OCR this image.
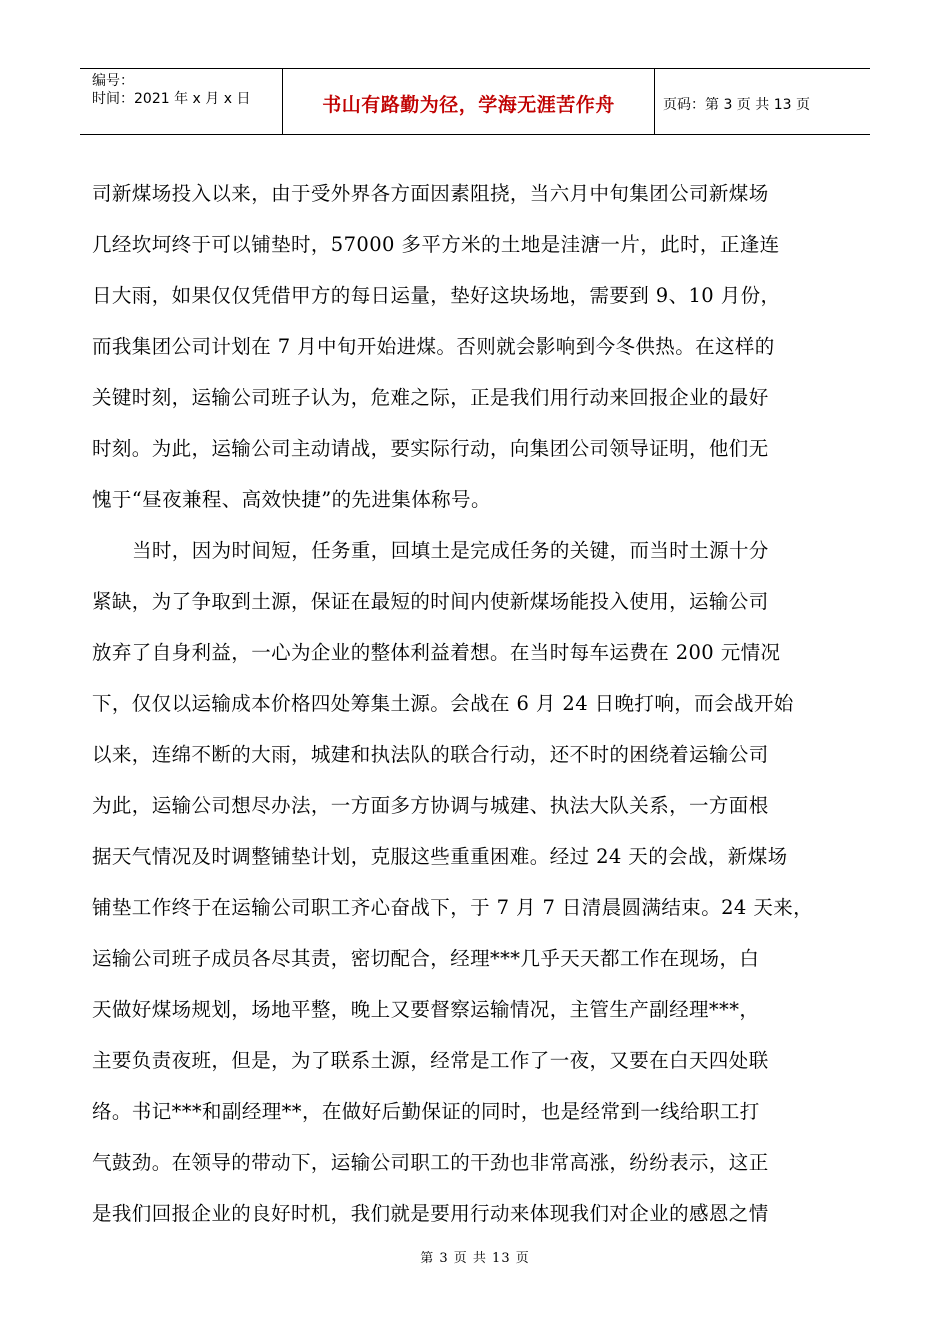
编号：
时间：2021 年 x 月 x 日	书山有路勤为径，学海无涯苦作舟	页码：第 3 页 共 13 页
司新煤场投入以来，由于受外界各方面因素阻挠，当六月中旬集团公司新煤场
几经坎坷终于可以铺垫时，57000 多平方米的土地是洼溏一片，此时，正逢连
日大雨，如果仅仅凭借甲方的每日运量，垫好这块场地，需要到 9、10 月份，
而我集团公司计划在 7 月中旬开始进煤。否则就会影响到今冬供热。在这样的
关键时刻，运输公司班子认为，危难之际，正是我们用行动来回报企业的最好
时刻。为此，运输公司主动请战，要实际行动，向集团公司领导证明，他们无
愧于“昼夜兼程、高效快捷”的先进集体称号。
当时，因为时间短，任务重，回填土是完成任务的关键，而当时土源十分
紧缺，为了争取到土源，保证在最短的时间内使新煤场能投入使用，运输公司
放弃了自身利益，一心为企业的整体利益着想。在当时每车运费在 200 元情况
下，仅仅以运输成本价格四处筹集土源。会战在 6 月 24 日晚打响，而会战开始
以来，连绵不断的大雨，城建和执法队的联合行动，还不时的困绕着运输公司
为此，运输公司想尽办法，一方面多方协调与城建、执法大队关系，一方面根
据天气情况及时调整铺垫计划，克服这些重重困难。经过 24 天的会战，新煤场
铺垫工作终于在运输公司职工齐心奋战下，于 7 月 7 日清晨圆满结束。24 天来，
运输公司班子成员各尽其责，密切配合，经理***几乎天天都工作在现场，白
天做好煤场规划，场地平整，晚上又要督察运输情况，主管生产副经理***，
主要负责夜班，但是，为了联系土源，经常是工作了一夜，又要在白天四处联
络。书记***和副经理**，在做好后勤保证的同时，也是经常到一线给职工打
气鼓劲。在领导的带动下，运输公司职工的干劲也非常高涨，纷纷表示，这正
是我们回报企业的良好时机，我们就是要用行动来体现我们对企业的感恩之情
第 3 页 共 13 页
